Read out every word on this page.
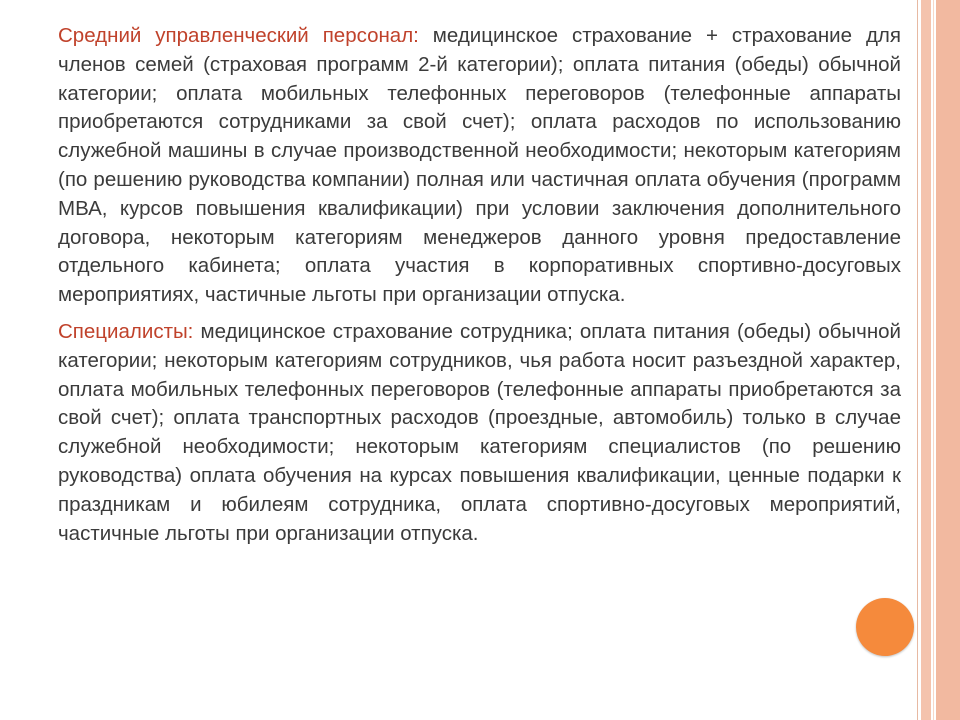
Средний управленческий персонал: медицинское страхование + страхование для членов семей (страховая программ 2-й категории); оплата питания (обеды) обычной категории; оплата мобильных телефонных переговоров (телефонные аппараты приобретаются сотрудниками за свой счет); оплата расходов по использованию служебной машины в случае производственной необходимости; некоторым категориям (по решению руководства компании) полная или частичная оплата обучения (программ МВА, курсов повышения квалификации) при условии заключения дополнительного договора, некоторым категориям менеджеров данного уровня предоставление отдельного кабинета; оплата участия в корпоративных спортивно-досуговых мероприятиях, частичные льготы при организации отпуска.

Специалисты: медицинское страхование сотрудника; оплата питания (обеды) обычной категории; некоторым категориям сотрудников, чья работа носит разъездной характер, оплата мобильных телефонных переговоров (телефонные аппараты приобретаются за свой счет); оплата транспортных расходов (проездные, автомобиль) только в случае служебной необходимости; некоторым категориям специалистов (по решению руководства) оплата обучения на курсах повышения квалификации, ценные подарки к праздникам и юбилеям сотрудника, оплата спортивно-досуговых мероприятий, частичные льготы при организации отпуска.
